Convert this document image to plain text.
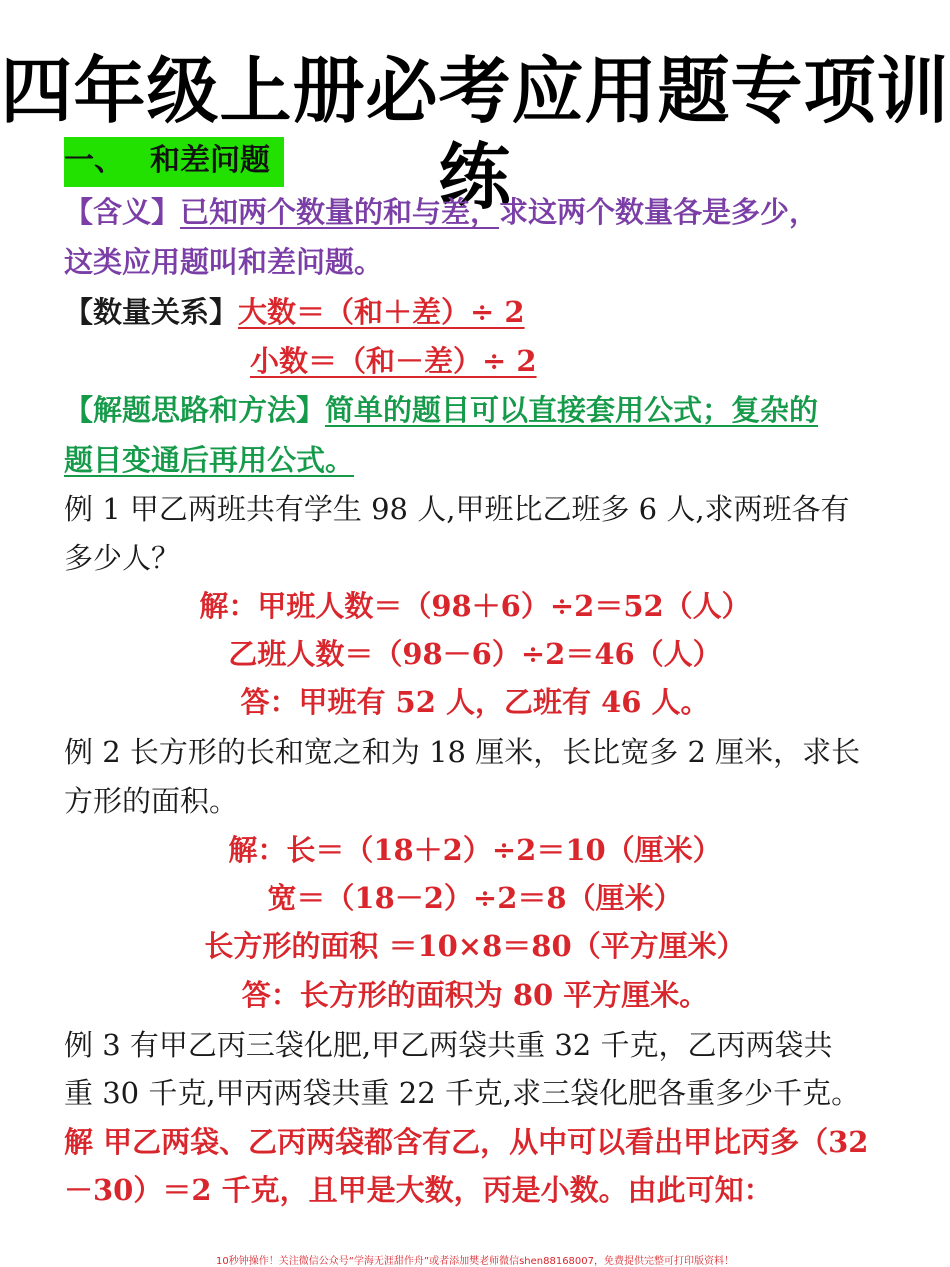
四年级上册必考应用题专项训练
一、 和差问题
【含义】已知两个数量的和与差，求这两个数量各是多少，
这类应用题叫和差问题。
【数量关系】大数＝（和＋差）÷ 2
小数＝（和－差）÷ 2
【解题思路和方法】简单的题目可以直接套用公式；复杂的
题目变通后再用公式。
例 1 甲乙两班共有学生 98 人,甲班比乙班多 6 人,求两班各有
多少人？
解：甲班人数＝（98＋6）÷2＝52（人）
乙班人数＝（98－6）÷2＝46（人）
答：甲班有 52 人，乙班有 46 人。
例 2 长方形的长和宽之和为 18 厘米，长比宽多 2 厘米，求长
方形的面积。
解：长＝（18＋2）÷2＝10（厘米）
宽＝（18－2）÷2＝8（厘米）
长方形的面积 ＝10×8＝80（平方厘米）
答：长方形的面积为 80 平方厘米。
例 3 有甲乙丙三袋化肥,甲乙两袋共重 32 千克，乙丙两袋共
重 30 千克,甲丙两袋共重 22 千克,求三袋化肥各重多少千克。
解 甲乙两袋、乙丙两袋都含有乙，从中可以看出甲比丙多（32
－30）＝2 千克，且甲是大数，丙是小数。由此可知：
10秒钟操作！关注微信公众号“学海无涯甜作舟”或者添加樊老师微信shen88168007，免费提供完整可打印版资料！
